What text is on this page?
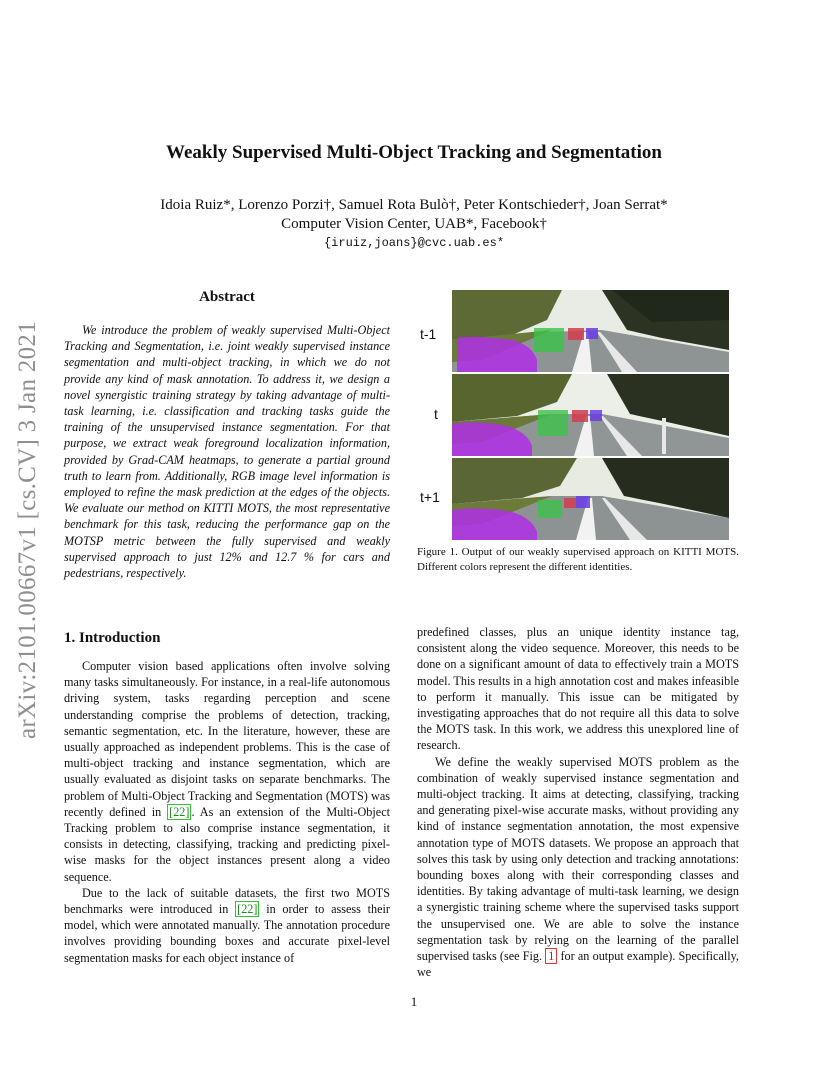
arXiv:2101.00667v1 [cs.CV] 3 Jan 2021
Weakly Supervised Multi-Object Tracking and Segmentation
Idoia Ruiz*, Lorenzo Porzi†, Samuel Rota Bulò†, Peter Kontschieder†, Joan Serrat*
Computer Vision Center, UAB*, Facebook†
{iruiz,joans}@cvc.uab.es*
Abstract
We introduce the problem of weakly supervised Multi-Object Tracking and Segmentation, i.e. joint weakly supervised instance segmentation and multi-object tracking, in which we do not provide any kind of mask annotation. To address it, we design a novel synergistic training strategy by taking advantage of multi-task learning, i.e. classification and tracking tasks guide the training of the unsupervised instance segmentation. For that purpose, we extract weak foreground localization information, provided by Grad-CAM heatmaps, to generate a partial ground truth to learn from. Additionally, RGB image level information is employed to refine the mask prediction at the edges of the objects. We evaluate our method on KITTI MOTS, the most representative benchmark for this task, reducing the performance gap on the MOTSP metric between the fully supervised and weakly supervised approach to just 12% and 12.7 % for cars and pedestrians, respectively.
1. Introduction

Computer vision based applications often involve solving many tasks simultaneously. For instance, in a real-life autonomous driving system, tasks regarding perception and scene understanding comprise the problems of detection, tracking, semantic segmentation, etc. In the literature, however, these are usually approached as independent problems. This is the case of multi-object tracking and instance segmentation, which are usually evaluated as disjoint tasks on separate benchmarks. The problem of Multi-Object Tracking and Segmentation (MOTS) was recently defined in [22] . As an extension of the Multi-Object Tracking problem to also comprise instance segmentation, it consists in detecting, classifying, tracking and predicting pixel-wise masks for the object instances present along a video sequence.

Due to the lack of suitable datasets, the first two MOTS benchmarks were introduced in [22] in order to assess their model, which were annotated manually. The annotation procedure involves providing bounding boxes and accurate pixel-level segmentation masks for each object instance of

t-1
t
t+1
Figure 1. Output of our weakly supervised approach on KITTI MOTS. Different colors represent the different identities.

predefined classes, plus an unique identity instance tag, consistent along the video sequence. Moreover, this needs to be done on a significant amount of data to effectively train a MOTS model. This results in a high annotation cost and makes infeasible to perform it manually. This issue can be mitigated by investigating approaches that do not require all this data to solve the MOTS task. In this work, we address this unexplored line of research.

We define the weakly supervised MOTS problem as the combination of weakly supervised instance segmentation and multi-object tracking. It aims at detecting, classifying, tracking and generating pixel-wise accurate masks, without providing any kind of instance segmentation annotation, the most expensive annotation type of MOTS datasets. We propose an approach that solves this task by using only detection and tracking annotations: bounding boxes along with their corresponding classes and identities. By taking advantage of multi-task learning, we design a synergistic training scheme where the supervised tasks support the unsupervised one. We are able to solve the instance segmentation task by relying on the learning of the parallel supervised tasks (see Fig. 1 for an output example). Specifically, we

1
